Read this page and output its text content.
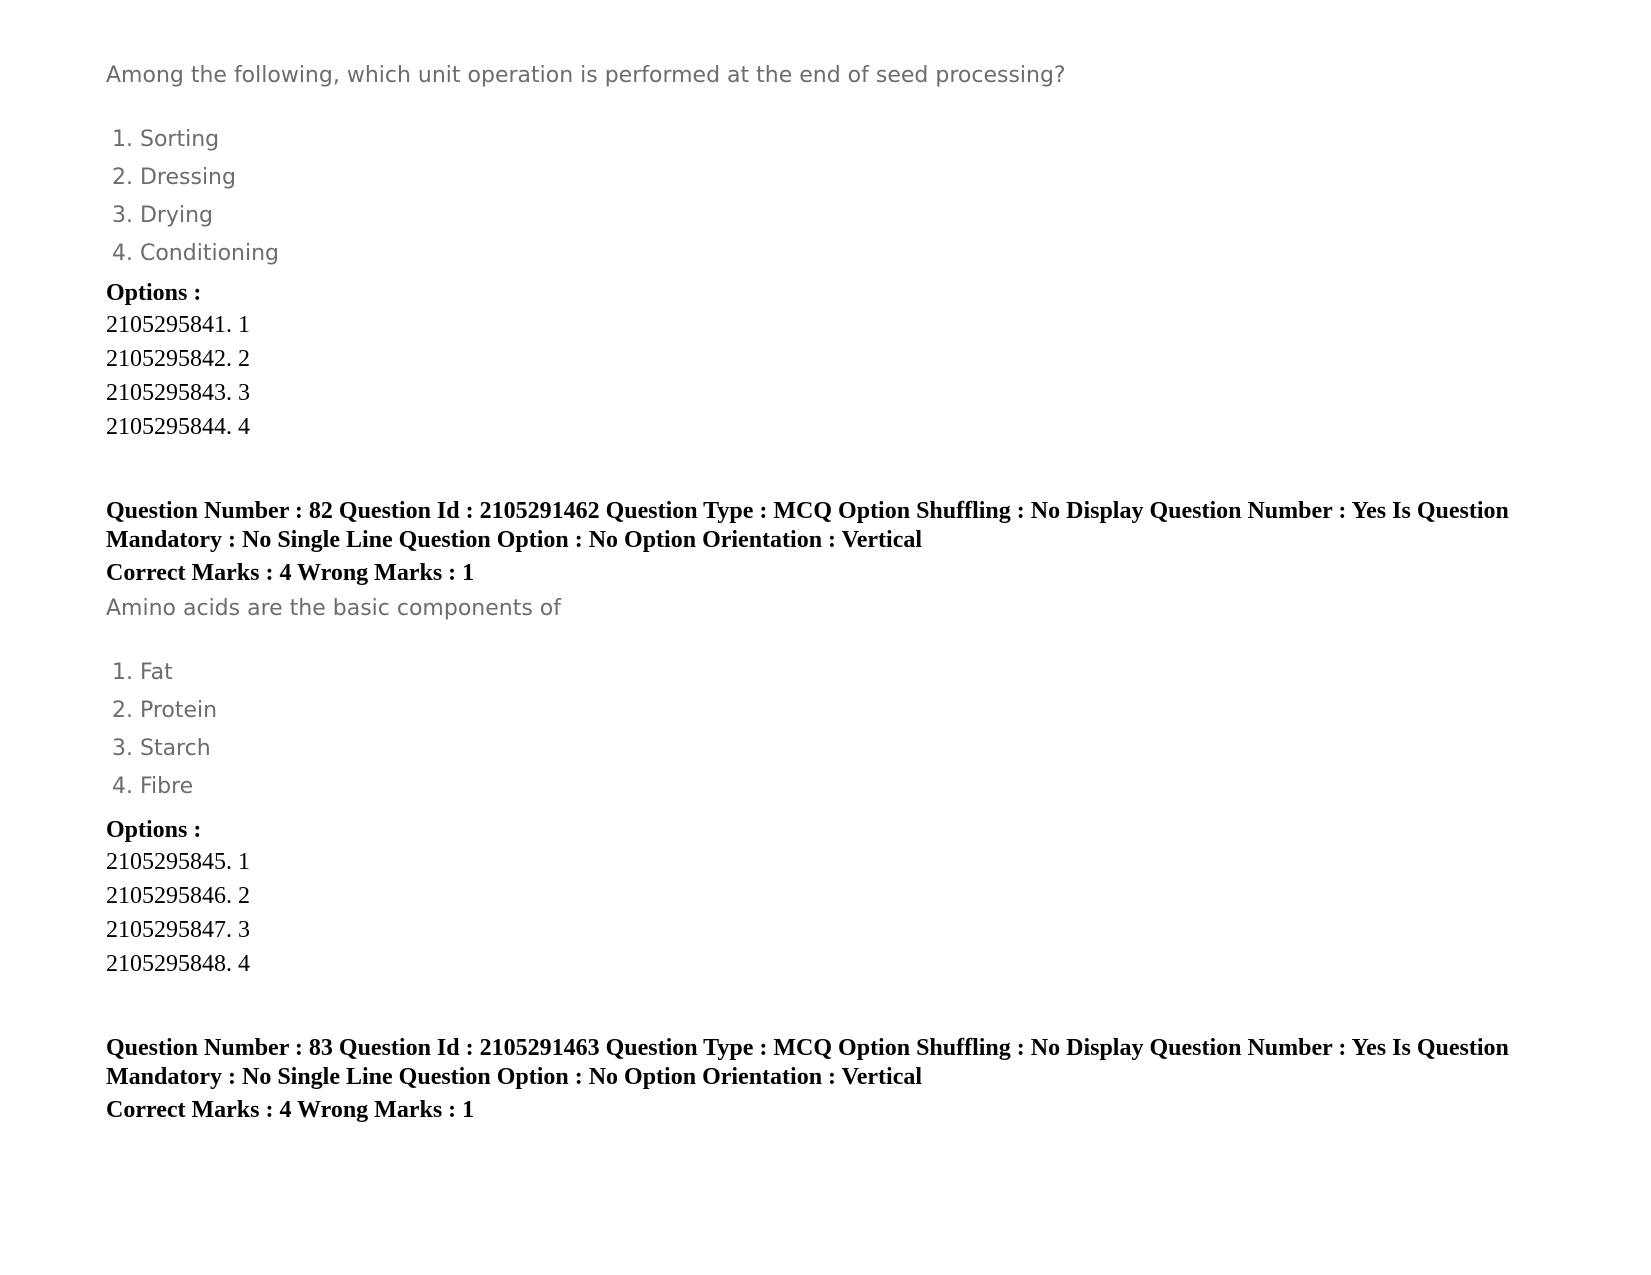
Among the following, which unit operation is performed at the end of seed processing?

1. Sorting
2. Dressing
3. Drying
4. Conditioning
Options :
2105295841. 1
2105295842. 2
2105295843. 3
2105295844. 4

Question Number : 82 Question Id : 2105291462 Question Type : MCQ Option Shuffling : No Display Question Number : Yes Is Question Mandatory : No Single Line Question Option : No Option Orientation : Vertical

Correct Marks : 4 Wrong Marks : 1

Amino acids are the basic components of

1. Fat
2. Protein
3. Starch
4. Fibre
Options :
2105295845. 1
2105295846. 2
2105295847. 3
2105295848. 4

Question Number : 83 Question Id : 2105291463 Question Type : MCQ Option Shuffling : No Display Question Number : Yes Is Question Mandatory : No Single Line Question Option : No Option Orientation : Vertical

Correct Marks : 4 Wrong Marks : 1
